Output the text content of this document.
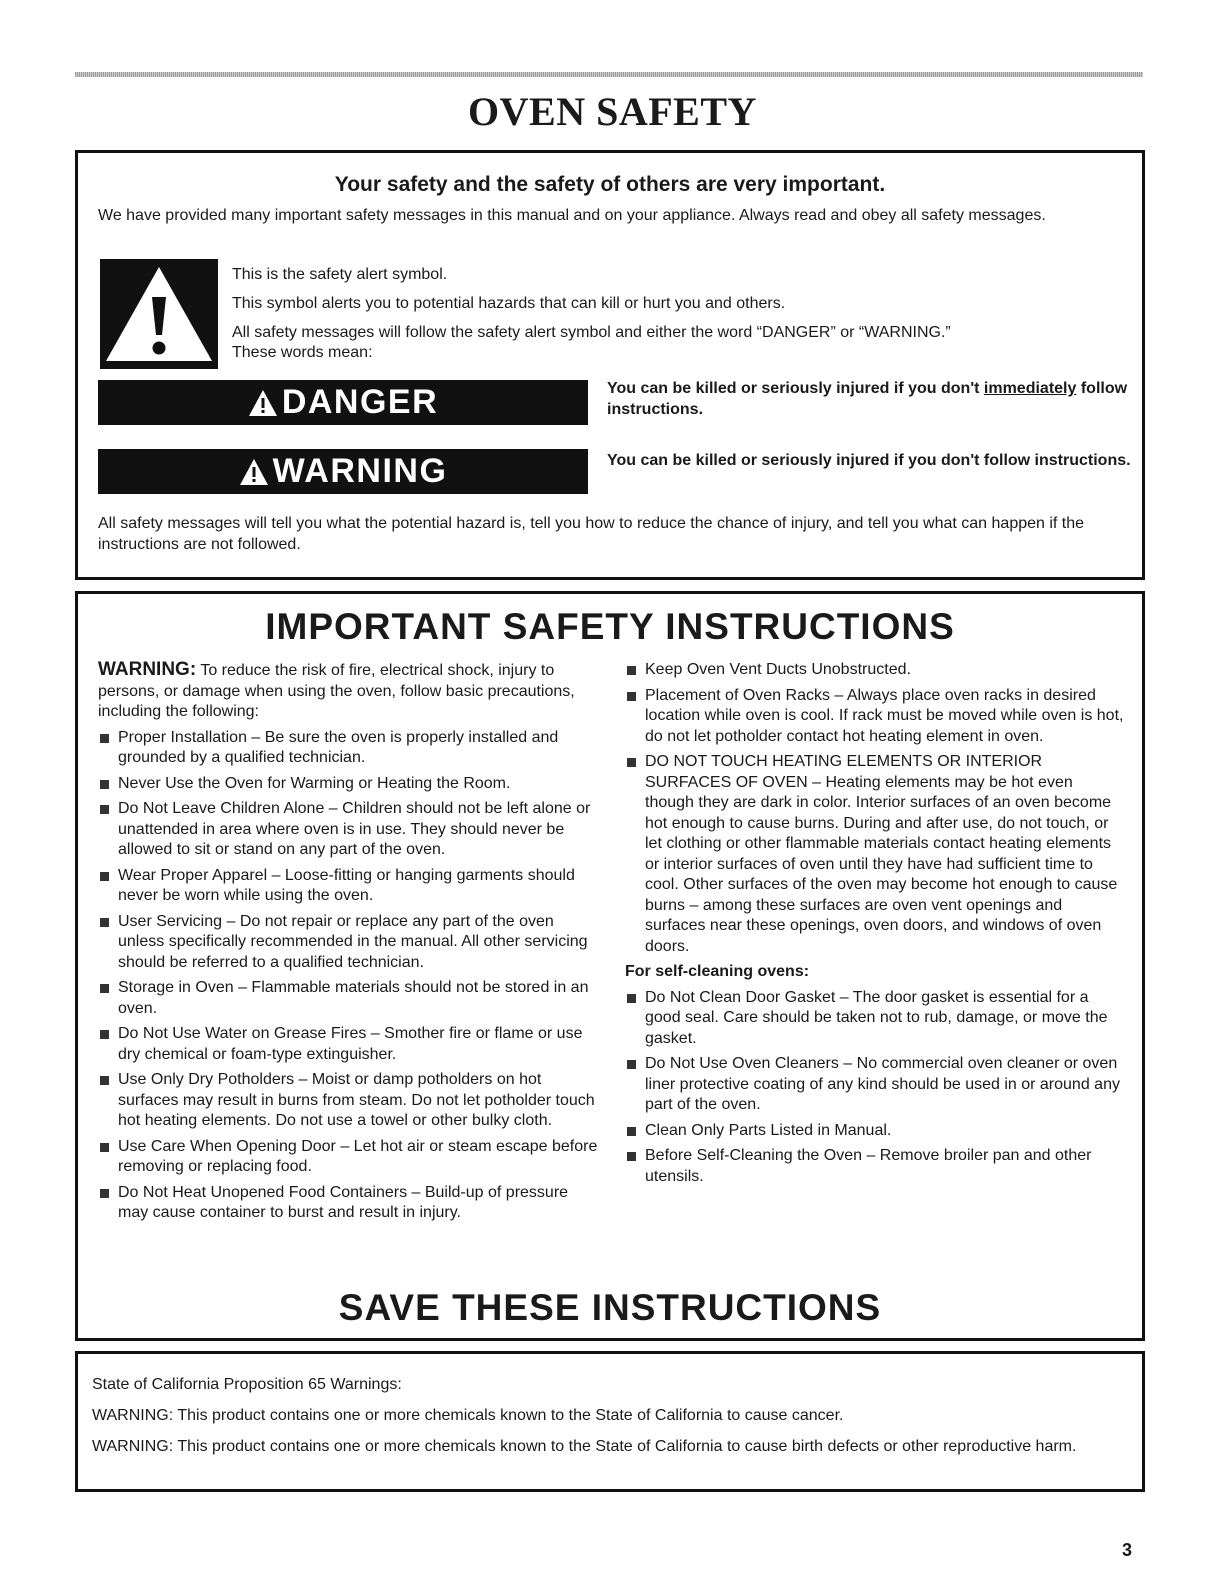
OVEN SAFETY
Your safety and the safety of others are very important.
We have provided many important safety messages in this manual and on your appliance. Always read and obey all safety messages.
This is the safety alert symbol.
This symbol alerts you to potential hazards that can kill or hurt you and others.
All safety messages will follow the safety alert symbol and either the word “DANGER” or “WARNING.”
These words mean:
DANGER	You can be killed or seriously injured if you don't immediately follow instructions.
WARNING	You can be killed or seriously injured if you don't follow instructions.
All safety messages will tell you what the potential hazard is, tell you how to reduce the chance of injury, and tell you what can happen if the instructions are not followed.
IMPORTANT SAFETY INSTRUCTIONS
WARNING: To reduce the risk of fire, electrical shock, injury to persons, or damage when using the oven, follow basic precautions, including the following:
Proper Installation – Be sure the oven is properly installed and grounded by a qualified technician.
Never Use the Oven for Warming or Heating the Room.
Do Not Leave Children Alone – Children should not be left alone or unattended in area where oven is in use. They should never be allowed to sit or stand on any part of the oven.
Wear Proper Apparel – Loose-fitting or hanging garments should never be worn while using the oven.
User Servicing – Do not repair or replace any part of the oven unless specifically recommended in the manual. All other servicing should be referred to a qualified technician.
Storage in Oven – Flammable materials should not be stored in an oven.
Do Not Use Water on Grease Fires – Smother fire or flame or use dry chemical or foam-type extinguisher.
Use Only Dry Potholders – Moist or damp potholders on hot surfaces may result in burns from steam. Do not let potholder touch hot heating elements. Do not use a towel or other bulky cloth.
Use Care When Opening Door – Let hot air or steam escape before removing or replacing food.
Do Not Heat Unopened Food Containers – Build-up of pressure may cause container to burst and result in injury.
Keep Oven Vent Ducts Unobstructed.
Placement of Oven Racks – Always place oven racks in desired location while oven is cool. If rack must be moved while oven is hot, do not let potholder contact hot heating element in oven.
DO NOT TOUCH HEATING ELEMENTS OR INTERIOR SURFACES OF OVEN – Heating elements may be hot even though they are dark in color. Interior surfaces of an oven become hot enough to cause burns. During and after use, do not touch, or let clothing or other flammable materials contact heating elements or interior surfaces of oven until they have had sufficient time to cool. Other surfaces of the oven may become hot enough to cause burns – among these surfaces are oven vent openings and surfaces near these openings, oven doors, and windows of oven doors.
For self-cleaning ovens:
Do Not Clean Door Gasket – The door gasket is essential for a good seal. Care should be taken not to rub, damage, or move the gasket.
Do Not Use Oven Cleaners – No commercial oven cleaner or oven liner protective coating of any kind should be used in or around any part of the oven.
Clean Only Parts Listed in Manual.
Before Self-Cleaning the Oven – Remove broiler pan and other utensils.
SAVE THESE INSTRUCTIONS
State of California Proposition 65 Warnings:
WARNING: This product contains one or more chemicals known to the State of California to cause cancer.
WARNING: This product contains one or more chemicals known to the State of California to cause birth defects or other reproductive harm.
3
